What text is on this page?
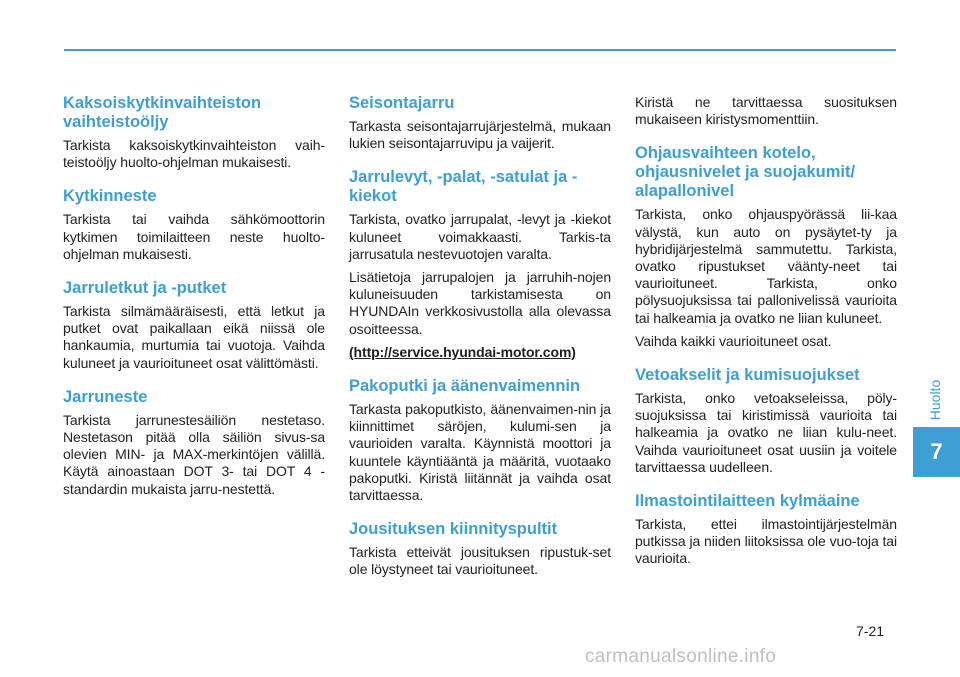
Kaksoiskytkinvaihteiston vaihteistoöljy

Tarkista kaksoiskytkinvaihteiston vaih-teistoöljy huolto-ohjelman mukaisesti.

Kytkinneste

Tarkista tai vaihda sähkömoottorin kytkimen toimilaitteen neste huolto-ohjelman mukaisesti.

Jarruletkut ja -putket

Tarkista silmämääräisesti, että letkut ja putket ovat paikallaan eikä niissä ole hankaumia, murtumia tai vuotoja. Vaihda kuluneet ja vaurioituneet osat välittömästi.

Jarruneste

Tarkista jarrunestesäiliön nestetaso. Nestetason pitää olla säiliön sivus-sa olevien MIN- ja MAX-merkintöjen välillä. Käytä ainoastaan DOT 3- tai DOT 4 -standardin mukaista jarru-nestettä.

Seisontajarru

Tarkasta seisontajarrujärjestelmä, mukaan lukien seisontajarruvipu ja vaijerit.

Jarrulevyt, -palat, -satulat ja -kiekot

Tarkista, ovatko jarrupalat, -levyt ja -kiekot kuluneet voimakkaasti. Tarkis-ta jarrusatula nestevuotojen varalta.

Lisätietoja jarrupalojen ja jarruhih-nojen kuluneisuuden tarkistamisesta on HYUNDAIn verkkosivustolla alla olevassa osoitteessa.

(http://service.hyundai-motor.com)

Pakoputki ja äänenvaimennin

Tarkasta pakoputkisto, äänenvaimen-nin ja kiinnittimet säröjen, kulumi-sen ja vaurioiden varalta. Käynnistä moottori ja kuuntele käyntiääntä ja määritä, vuotaako pakoputki. Kiristä liitännät ja vaihda osat tarvittaessa.

Jousituksen kiinnityspultit

Tarkista etteivät jousituksen ripustuk-set ole löystyneet tai vaurioituneet.

Kiristä ne tarvittaessa suosituksen mukaiseen kiristysmomenttiin.

Ohjausvaihteen kotelo, ohjausnivelet ja suojakumit/ alapallonivel

Tarkista, onko ohjauspyörässä lii-kaa välystä, kun auto on pysäytet-ty ja hybridijärjestelmä sammutettu. Tarkista, ovatko ripustukset väänty-neet tai vaurioituneet. Tarkista, onko pölysuojuksissa tai pallonivelissä vaurioita tai halkeamia ja ovatko ne liian kuluneet.

Vaihda kaikki vaurioituneet osat.

Vetoakselit ja kumisuojukset

Tarkista, onko vetoakseleissa, pöly-suojuksissa tai kiristimissä vaurioita tai halkeamia ja ovatko ne liian kulu-neet. Vaihda vaurioituneet osat uusiin ja voitele tarvittaessa uudelleen.

Ilmastointilaitteen kylmäaine

Tarkista, ettei ilmastointijärjestelmän putkissa ja niiden liitoksissa ole vuo-toja tai vaurioita.

Huolto
7
7-21
carmanualsonline.info
